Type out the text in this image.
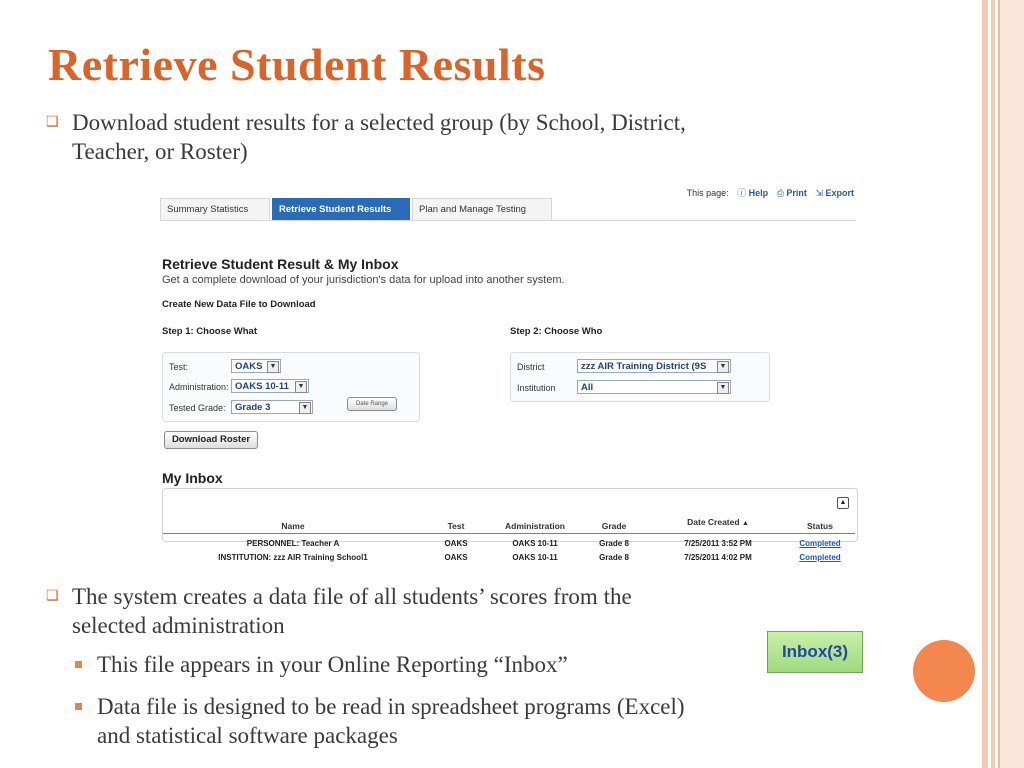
Retrieve Student Results
❑ Download student results for a selected group (by School, District,
Teacher, or Roster)
This page: ⓘ Help ⎙ Print ⇲ Export
Summary Statistics	Retrieve Student Results	Plan and Manage Testing
Retrieve Student Result & My Inbox
Get a complete download of your jurisdiction's data for upload into another system.
Create New Data File to Download
Step 1: Choose What	Step 2: Choose Who
Test:	OAKS	▼
Administration: OAKS 10-11	▼
Tested Grade: Grade 3	▼	Date Range
District	zzz AIR Training District (9S	▼
Institution	All	▼
Download Roster
My Inbox
▲
Name	Test	Administration	Grade	Date Created ▲	Status
PERSONNEL: Teacher A	OAKS	OAKS 10-11	Grade 8	7/25/2011 3:52 PM	Completed
INSTITUTION: zzz AIR Training School1	OAKS	OAKS 10-11	Grade 8	7/25/2011 4:02 PM	Completed
❑ The system creates a data file of all students’ scores from the
selected administration
This file appears in your Online Reporting “Inbox”
Inbox(3)
Data file is designed to be read in spreadsheet programs (Excel)
and statistical software packages
